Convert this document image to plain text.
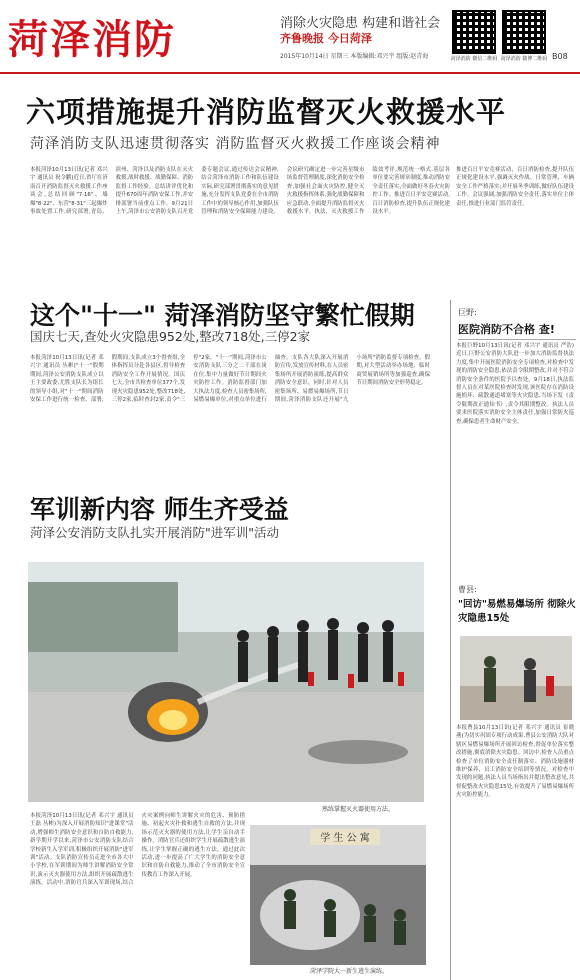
菏泽消防	消除火灾隐患 构建和谐社会
齐鲁晚报 今日菏泽
2015年10月14日 星期三 本版编辑:邓兴宇 组版:赵青海	菏泽消防 微信二维码 菏泽消防 微博二维码 B08
六项措施提升消防监督灭火救援水平
菏泽消防支队迅速贯彻落实 消防监督灭火救援工作座谈会精神
本报菏泽10月13日讯(记者 邓兴宇 通讯员 祝令鹏)近日,省厅在济南召开消防监督灭火救援工作座谈会,总结回顾"7·16"、墙爆"8·22"、东营"8·31"三起爆炸事故处置工作,研究部署,青岛、滨州、菏泽以及消防支队在灭火救援,战时救援、战勤保障、消防监督工作经验。总结讲评优化和提升670周年消防安保工作,并安排部署当前重点工作。9月21日上午,菏泽市公安消防支队召开党委专题会议,通过传达会议精神,结合菏泽市消防工作和队伍建设实际,研究部署贯彻落实的意见措施,充分发挥支队党委在全市消防工作中的领导核心作用,加强队伍管理和消防安全保障能力建设。会议研究确定进一步完善星级市场监督管理制度,深化消防安全检查,加强社会面火灾防控,健全灭火救援指挥体系,强化战勤保障和应急联动,全面提升消防监督灭火救援水平。执法、灭火救援工作绩效考评,规范统一格式,基层各单位要完善规章制度,推动消防安全责任落实,全面做好冬春火灾防控工作。推进百日平安竞赛活动,百日消防检查,提升队伍正规化建设水平。
这个"十一" 菏泽消防坚守繁忙假期
国庆七天,查处火灾隐患952处,整改718处,三停2家
本报菏泽10月13日讯(记者 邓兴宇 通讯员 丛彬)"十一"假期期间,菏泽公安消防支队成立以王主要政委,尤胜支队长为组长的领导小组,对"十一"期间消防安保工作进行统一检查、部署,假期间,支队成立3个督查组,全体指挥员分赴各县区,督导检查消防安全工作开展情况。国庆七天,全市共检查单位377个,发现火灾隐患952处,整改718处,三停2家,临时查封2家,责令"三停"2家。"十一"期间,菏泽市公安消防支队三分之二干部在岗在位,集中力量做好节日期间火灾防控工作。消防监督部门加大执法力度,检查人员密集场所,易燃易爆单位,对重点单位进行抽查。支队各大队深入开展消防宣传,发放宣传材料,在人员密集场所开展消防演练,提高群众消防安全意识。同时,针对人员密集场所、易燃易爆场所,节日期间,菏泽消防支队还开展"九小场所"消防监督专项检查。假期,对大型活动举办场地、临时商贸展销场所等加强巡查,确保节日期间消防安全形势稳定。
军训新内容 师生齐受益
菏泽公安消防支队扎实开展消防"进军训"活动
熟练掌握灭火器使用方法。
本报菏泽10月13日讯(记者 邓兴宇 通讯员 王磊 丛彬)为深入开展消防知识"进课堂"活动,增强师生消防安全意识和自防自救能力,新学期开学以来,菏泽市公安消防支队结合学校新生入学军训,积极组织开展消防"进军训"活动。支队消防宣传员走进全市各大中小学校,在军训期间为师生讲解消防安全常识,演示灭火器使用方法,组织开展疏散逃生演练。活动中,消防官兵深入军训现场,结合火灾案例向师生讲解火灾的危害、预防措施、初起火灾扑救和逃生自救的方法,并现场示范灭火器的使用方法,让学生亲自动手操作。消防官兵还组织学生开展疏散逃生演练,让学生掌握正确的逃生方法。通过此次活动,进一步提高了广大学生的消防安全意识和自防自救能力,推动了全市消防安全宣传教育工作深入开展。
学 生 公 寓
菏泽学院大一新生逃生演练。
推进百日平安竞赛活动、百日消防检查,提升队伍正规化建设水平,强调灭火作战、日常管理、车辆安全工作严格落实;并开展冬季训练,做好队伍建设工作。会议强调,加强消防安全责任,落实单位主体责任,推进行业部门监管责任。
巨野:
医院消防不合格 查!
本报巨野10月13日讯(记者 邓兴宇 通讯员 严浩)近日,巨野公安消防大队进一步加大消防监督执法力度,集中开展医院消防安全专项检查,对检查中发现的消防安全隐患,依法责令限期整改,并对不符合消防安全条件的医院予以查处。9月18日,执法监督人员在对某医院检查时发现,该医院存在消防设施损坏、疏散通道堵塞等火灾隐患,当场下发《责令限期改正通知书》,责令其限期整改。执法人员要求医院落实消防安全主体责任,加强日常防火巡查,确保患者生命财产安全。
曹县:
"回访"易燃易爆场所 彻除火灾隐患15处
本报曹县10月13日讯(记者 邓兴宇 通讯员 崔晓燕)为切实巩固专项行动成果,曹县公安消防大队对辖区易燃易爆场所开展回访检查,督促单位落实整改措施,彻底消除火灾隐患。回访中,检查人员重点检查了单位消防安全责任制落实、消防设施器材维护保养、员工消防安全培训等情况。对检查中发现的问题,执法人员当场指出并提出整改意见,共督促整改火灾隐患15处,有效提升了易燃易爆场所火灾防控能力。
